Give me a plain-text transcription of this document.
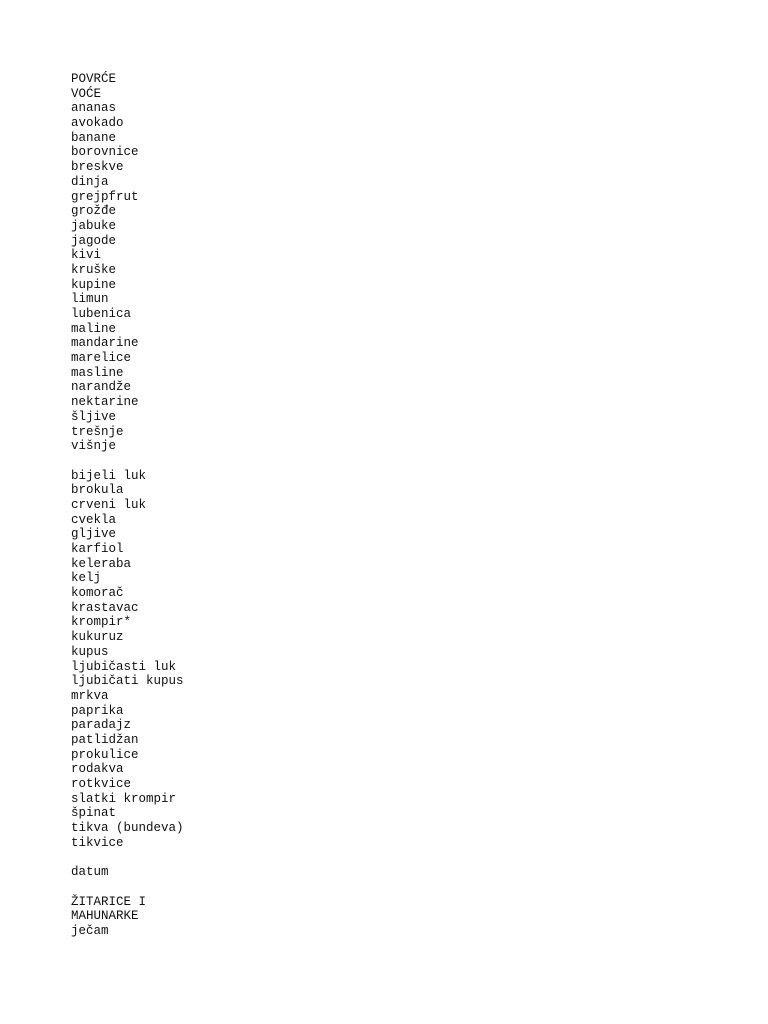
POVRĆE
VOĆE
ananas
avokado
banane
borovnice
breskve
dinja
grejpfrut
grožđe
jabuke
jagode
kivi
kruške
kupine
limun
lubenica
maline
mandarine
marelice
masline
narandže
nektarine
šljive
trešnje
višnje
bijeli luk
brokula
crveni luk
cvekla
gljive
karfiol
keleraba
kelj
komorač
krastavac
krompir*
kukuruz
kupus
ljubičasti luk
ljubičati kupus
mrkva
paprika
paradajz
patlidžan
prokulice
rodakva
rotkvice
slatki krompir
špinat
tikva (bundeva)
tikvice
datum
ŽITARICE I
MAHUNARKE
ječam
